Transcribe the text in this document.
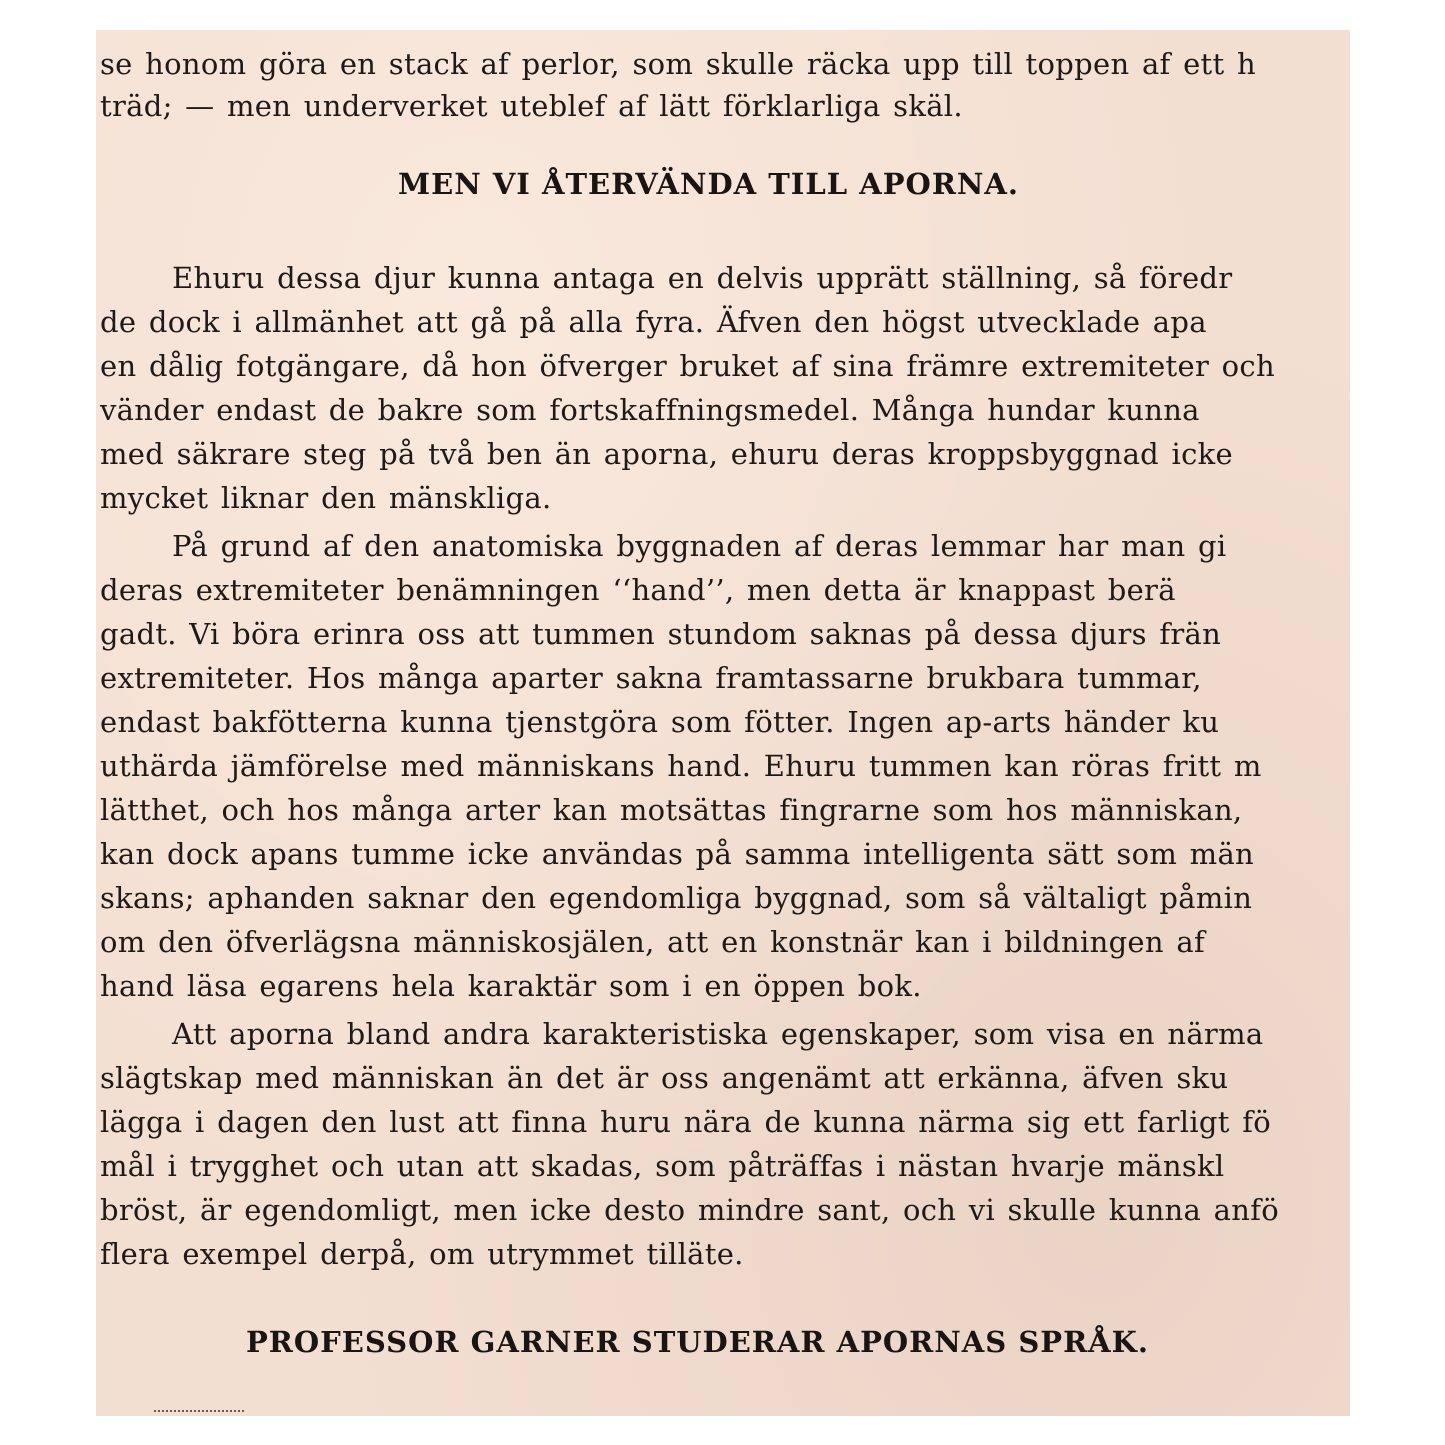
se honom göra en stack af perlor, som skulle räcka upp till toppen af ett h
träd; — men underverket uteblef af lätt förklarliga skäl.
MEN VI ÅTERVÄNDA TILL APORNA.
Ehuru dessa djur kunna antaga en delvis upprätt ställning, så föredr
de dock i allmänhet att gå på alla fyra. Äfven den högst utvecklade apa
en dålig fotgängare, då hon öfverger bruket af sina främre extremiteter och
vänder endast de bakre som fortskaffningsmedel. Många hundar kunna
med säkrare steg på två ben än aporna, ehuru deras kroppsbyggnad icke
mycket liknar den mänskliga.
På grund af den anatomiska byggnaden af deras lemmar har man gi
deras extremiteter benämningen ‘‘hand’’, men detta är knappast berä
gadt. Vi böra erinra oss att tummen stundom saknas på dessa djurs frän
extremiteter. Hos många aparter sakna framtassarne brukbara tummar,
endast bakfötterna kunna tjenstgöra som fötter. Ingen ap-arts händer ku
uthärda jämförelse med människans hand. Ehuru tummen kan röras fritt m
lätthet, och hos många arter kan motsättas fingrarne som hos människan,
kan dock apans tumme icke användas på samma intelligenta sätt som män
skans; aphanden saknar den egendomliga byggnad, som så vältaligt påmin
om den öfverlägsna människosjälen, att en konstnär kan i bildningen af
hand läsa egarens hela karaktär som i en öppen bok.
Att aporna bland andra karakteristiska egenskaper, som visa en närma
slägtskap med människan än det är oss angenämt att erkänna, äfven sku
lägga i dagen den lust att finna huru nära de kunna närma sig ett farligt fö
mål i trygghet och utan att skadas, som påträffas i nästan hvarje mänskl
bröst, är egendomligt, men icke desto mindre sant, och vi skulle kunna anfö
flera exempel derpå, om utrymmet tilläte.
PROFESSOR GARNER STUDERAR APORNAS SPRÅK.
